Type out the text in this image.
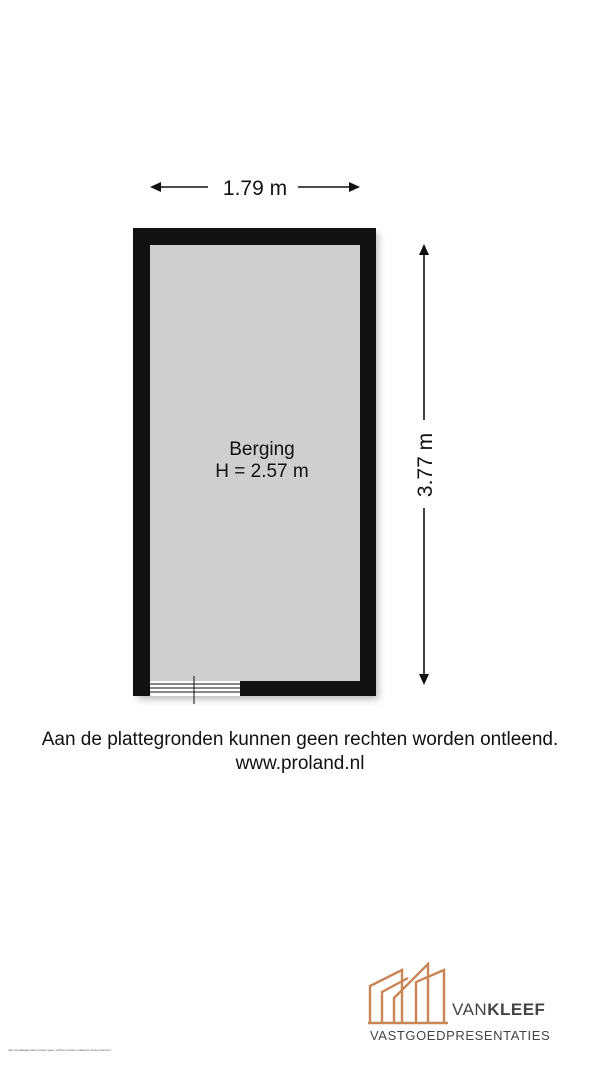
1.79 m
3.77 m
Berging
H = 2.57 m
Aan de plattegronden kunnen geen rechten worden ontleend.
www.proland.nl
VANKLEEF
VASTGOEDPRESENTATIES
Aan de plattegronden kunnen geen rechten worden ontleend. www.proland.nl
